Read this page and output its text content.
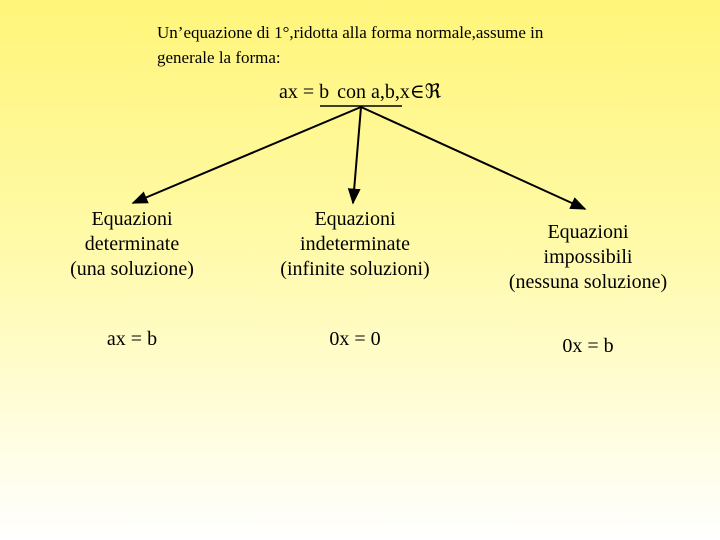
Un’equazione di 1°,ridotta alla forma normale,assume in
generale la forma:
ax = b con a,b,x∈ℜ
Equazioni
determinate
(una soluzione)
Equazioni
indeterminate
(infinite soluzioni)
Equazioni
impossibili
(nessuna soluzione)
ax = b	0x = 0	0x = b
